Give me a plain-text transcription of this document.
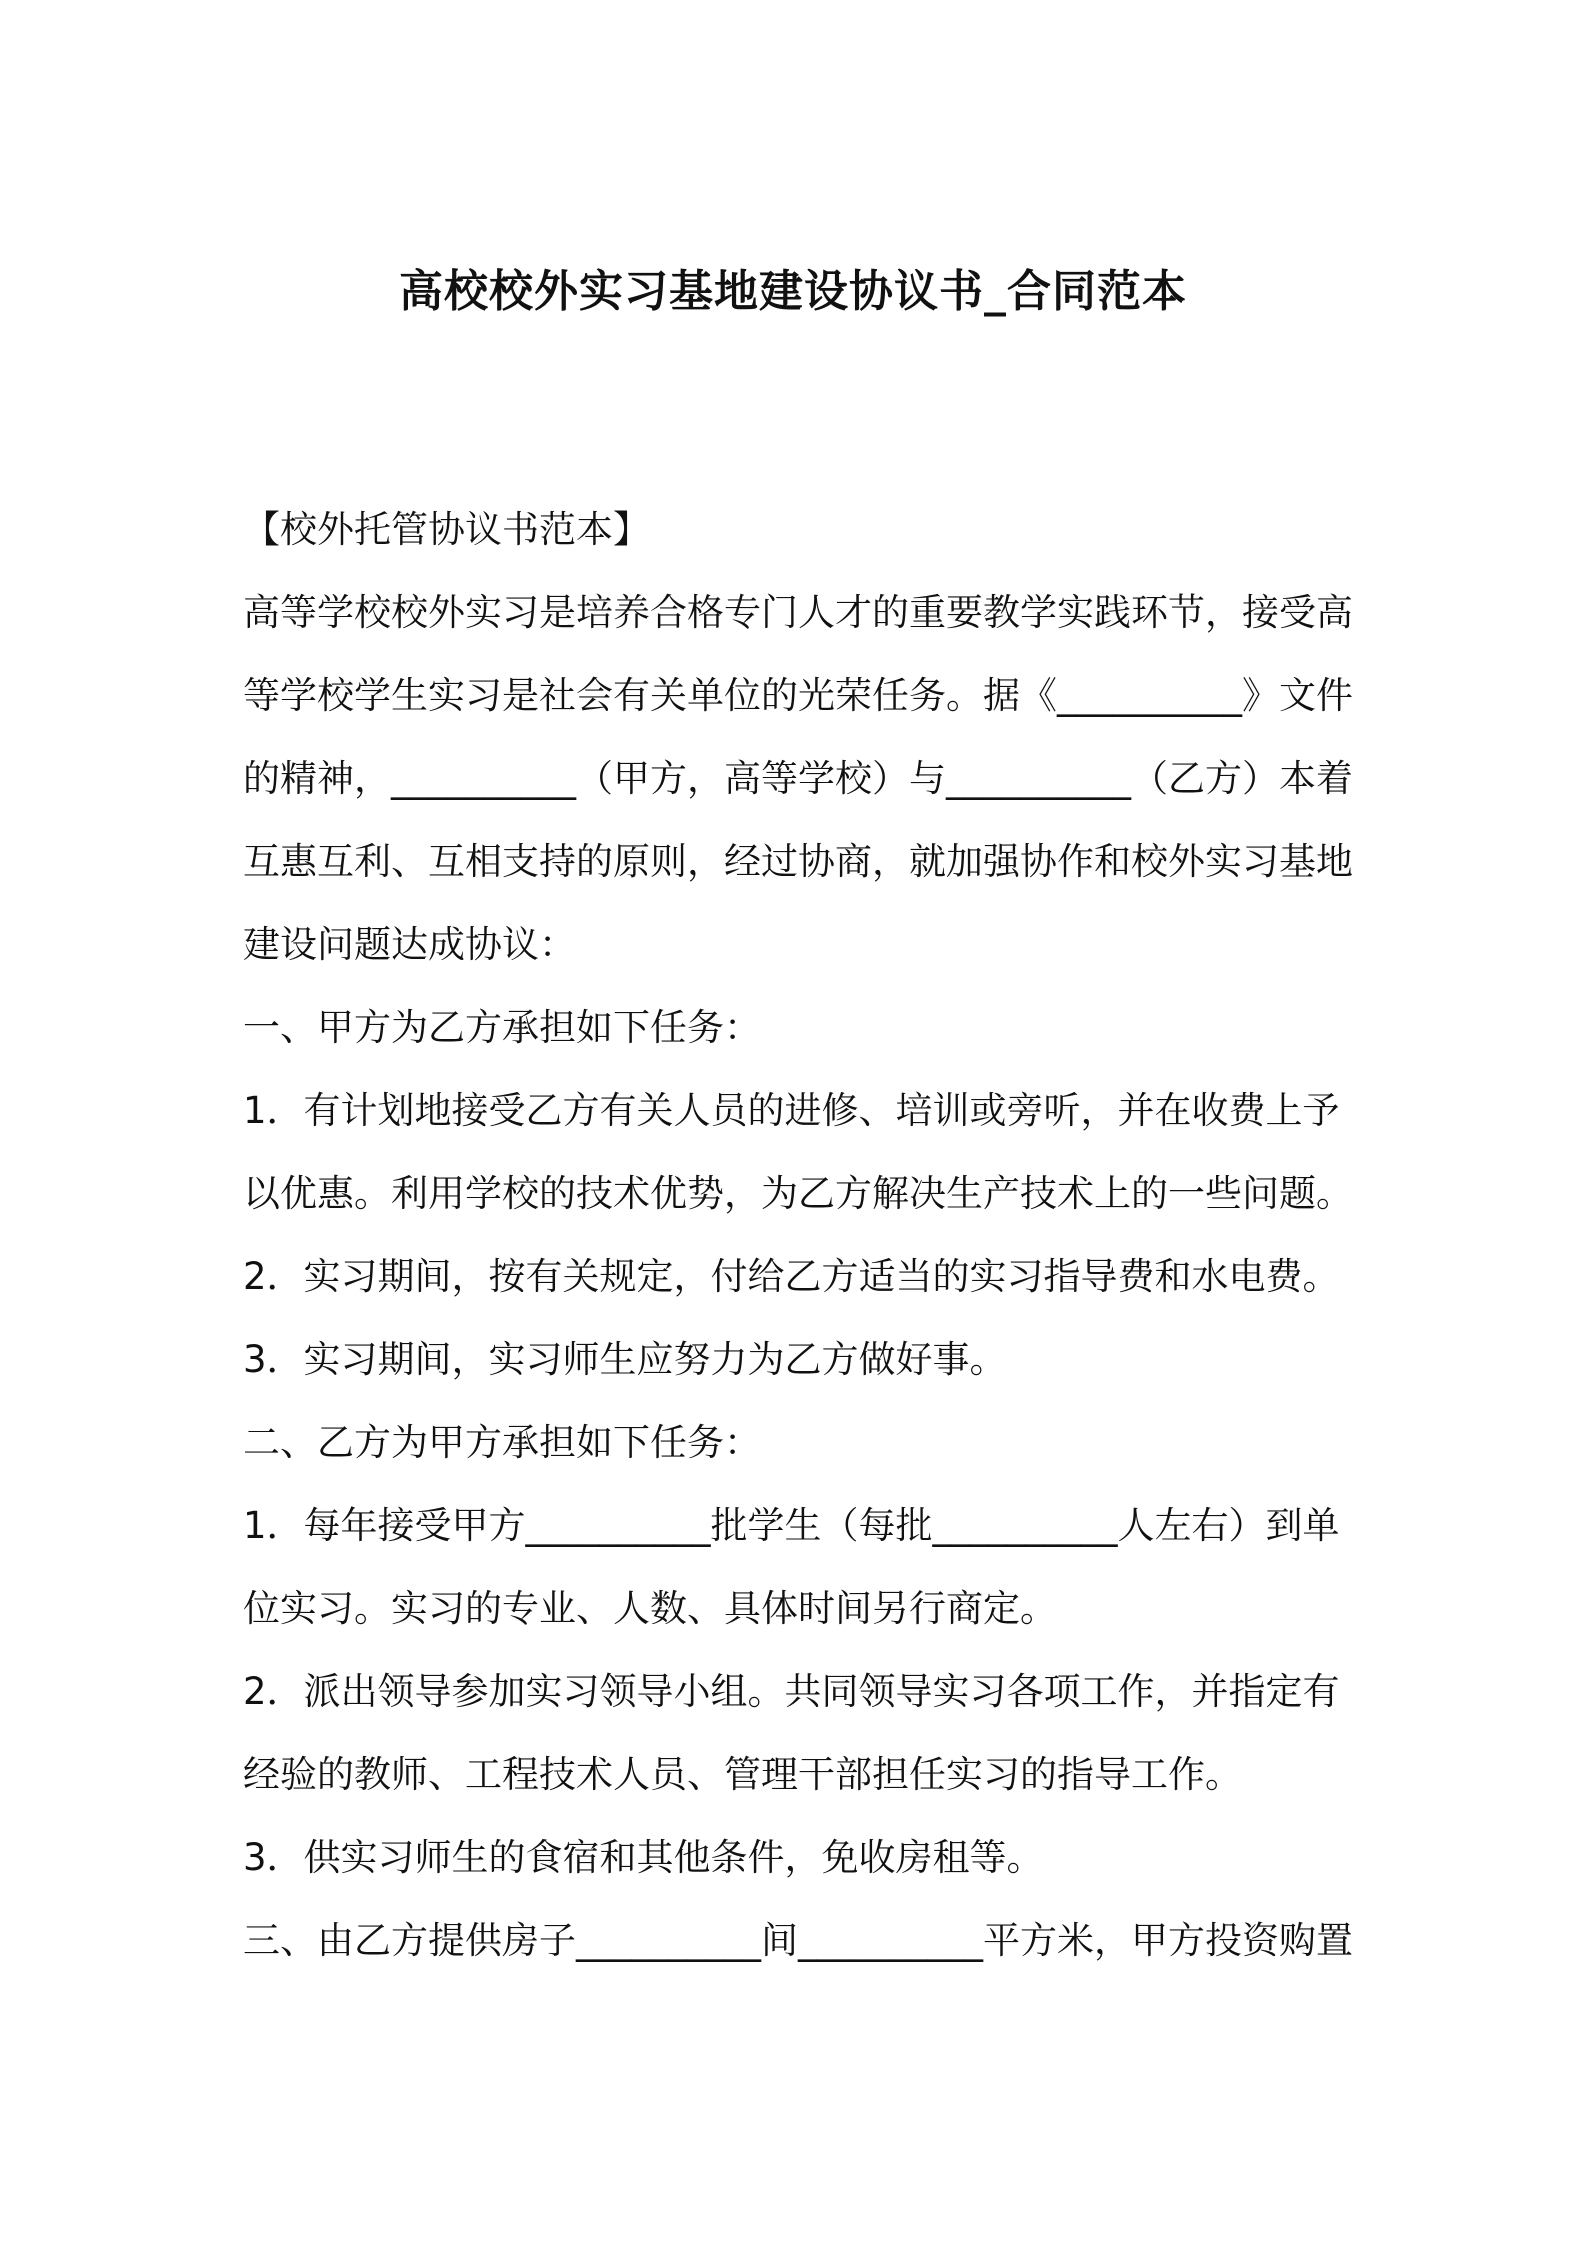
高校校外实习基地建设协议书_合同范本
【校外托管协议书范本】
高等学校校外实习是培养合格专门人才的重要教学实践环节，接受高
等学校学生实习是社会有关单位的光荣任务。据《__________》文件
的精神，__________（甲方，高等学校）与__________（乙方）本着
互惠互利、互相支持的原则，经过协商，就加强协作和校外实习基地
建设问题达成协议：
一、甲方为乙方承担如下任务：
1．有计划地接受乙方有关人员的进修、培训或旁听，并在收费上予
以优惠。利用学校的技术优势，为乙方解决生产技术上的一些问题。
2．实习期间，按有关规定，付给乙方适当的实习指导费和水电费。
3．实习期间，实习师生应努力为乙方做好事。
二、乙方为甲方承担如下任务：
1．每年接受甲方__________批学生（每批__________人左右）到单
位实习。实习的专业、人数、具体时间另行商定。
2．派出领导参加实习领导小组。共同领导实习各项工作，并指定有
经验的教师、工程技术人员、管理干部担任实习的指导工作。
3．供实习师生的食宿和其他条件，免收房租等。
三、由乙方提供房子__________间__________平方米，甲方投资购置
